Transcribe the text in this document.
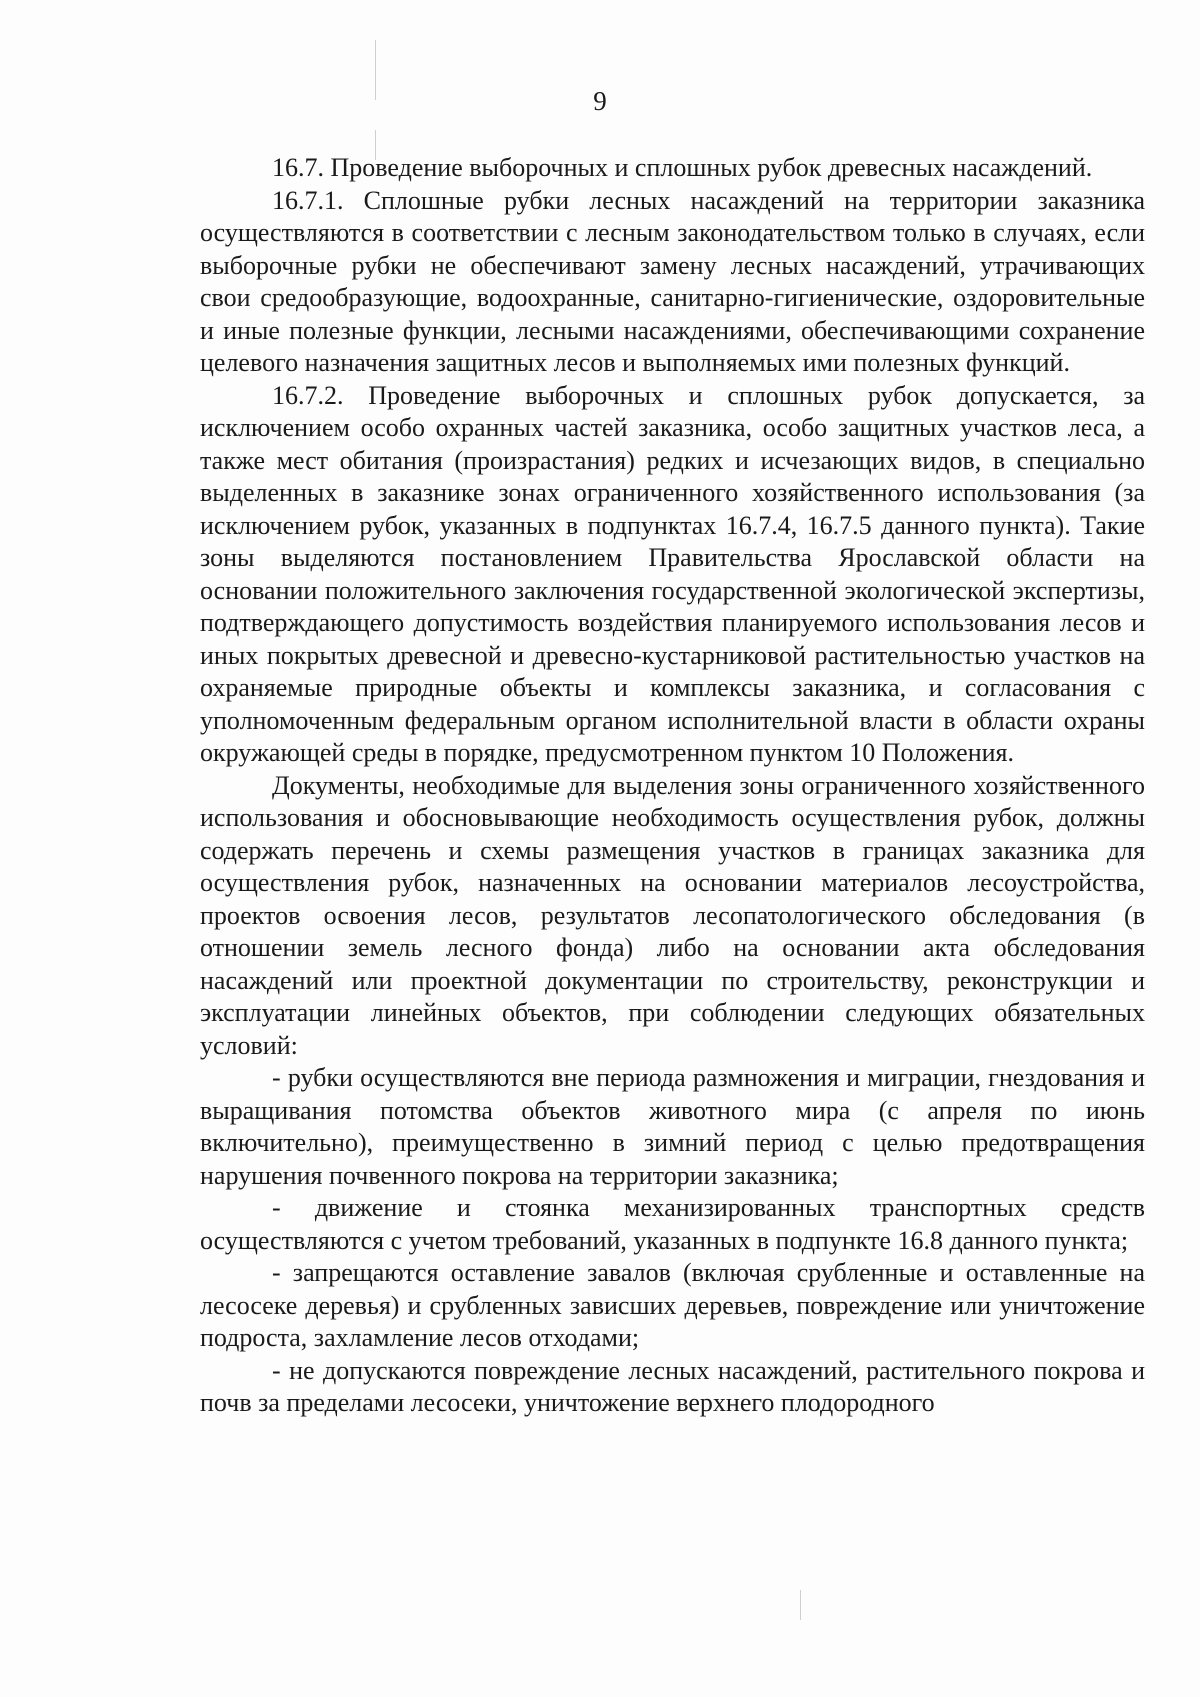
9

16.7. Проведение выборочных и сплошных рубок древесных насаждений.

16.7.1. Сплошные рубки лесных насаждений на территории заказника осуществляются в соответствии с лесным законодательством только в случаях, если выборочные рубки не обеспечивают замену лесных насаждений, утрачивающих свои средообразующие, водоохранные, санитарно-гигиенические, оздоровительные и иные полезные функции, лесными насаждениями, обеспечивающими сохранение целевого назначения защитных лесов и выполняемых ими полезных функций.

16.7.2. Проведение выборочных и сплошных рубок допускается, за исключением особо охранных частей заказника, особо защитных участков леса, а также мест обитания (произрастания) редких и исчезающих видов, в специально выделенных в заказнике зонах ограниченного хозяйственного использования (за исключением рубок, указанных в подпунктах 16.7.4, 16.7.5 данного пункта). Такие зоны выделяются постановлением Правительства Ярославской области на основании положительного заключения государственной экологической экспертизы, подтверждающего допустимость воздействия планируемого использования лесов и иных покрытых древесной и древесно-кустарниковой растительностью участков на охраняемые природные объекты и комплексы заказника, и согласования с уполномоченным федеральным органом исполнительной власти в области охраны окружающей среды в порядке, предусмотренном пунктом 10 Положения.

Документы, необходимые для выделения зоны ограниченного хозяйственного использования и обосновывающие необходимость осуществления рубок, должны содержать перечень и схемы размещения участков в границах заказника для осуществления рубок, назначенных на основании материалов лесоустройства, проектов освоения лесов, результатов лесопатологического обследования (в отношении земель лесного фонда) либо на основании акта обследования насаждений или проектной документации по строительству, реконструкции и эксплуатации линейных объектов, при соблюдении следующих обязательных условий:

- рубки осуществляются вне периода размножения и миграции, гнездования и выращивания потомства объектов животного мира (с апреля по июнь включительно), преимущественно в зимний период с целью предотвращения нарушения почвенного покрова на территории заказника;

- движение и стоянка механизированных транспортных средств осуществляются с учетом требований, указанных в подпункте 16.8 данного пункта;

- запрещаются оставление завалов (включая срубленные и оставленные на лесосеке деревья) и срубленных зависших деревьев, повреждение или уничтожение подроста, захламление лесов отходами;

- не допускаются повреждение лесных насаждений, растительного покрова и почв за пределами лесосеки, уничтожение верхнего плодородного
